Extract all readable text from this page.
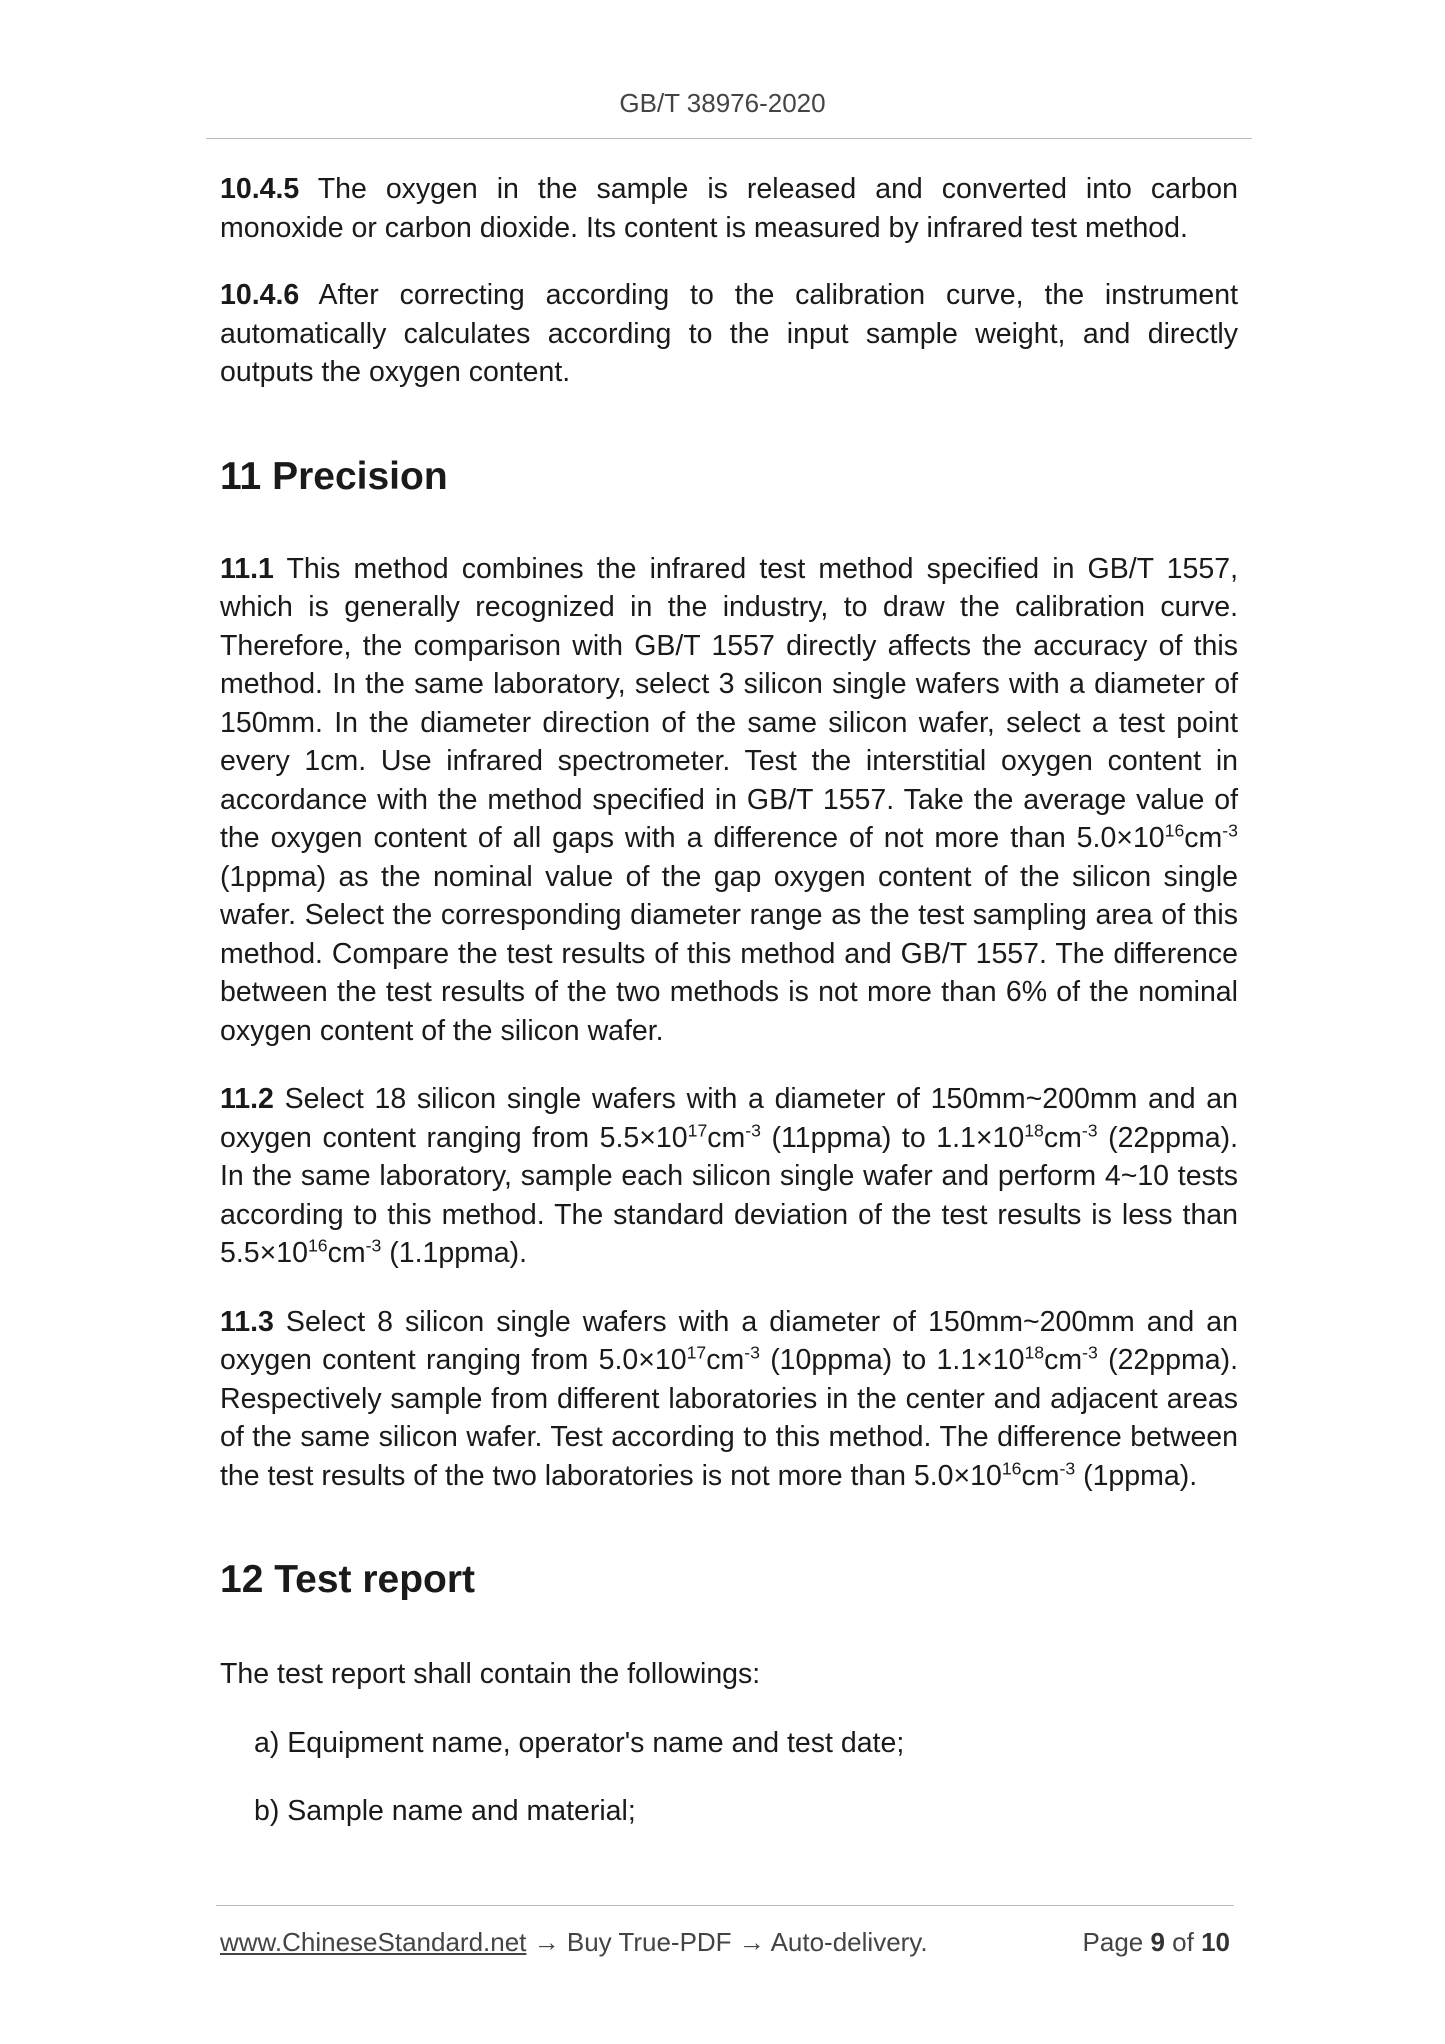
GB/T 38976-2020

10.4.5 The oxygen in the sample is released and converted into carbon monoxide or carbon dioxide. Its content is measured by infrared test method.

10.4.6 After correcting according to the calibration curve, the instrument automatically calculates according to the input sample weight, and directly outputs the oxygen content.

11 Precision

11.1 This method combines the infrared test method specified in GB/T 1557, which is generally recognized in the industry, to draw the calibration curve. Therefore, the comparison with GB/T 1557 directly affects the accuracy of this method. In the same laboratory, select 3 silicon single wafers with a diameter of 150mm. In the diameter direction of the same silicon wafer, select a test point every 1cm. Use infrared spectrometer. Test the interstitial oxygen content in accordance with the method specified in GB/T 1557. Take the average value of the oxygen content of all gaps with a difference of not more than $5.0\times 10^{16}cm^{-3}$ (1ppma) as the nominal value of the gap oxygen content of the silicon single wafer. Select the corresponding diameter range as the test sampling area of this method. Compare the test results of this method and GB/T 1557. The difference between the test results of the two methods is not more than 6% of the nominal oxygen content of the silicon wafer.

11.2 Select 18 silicon single wafers with a diameter of 150mm~200mm and an oxygen content ranging from $5.5\times 10^{17}cm^{-3}$ (11ppma) to $1.1\times 10^{18}cm^{-3}$ (22ppma). In the same laboratory, sample each silicon single wafer and perform 4~10 tests according to this method. The standard deviation of the test results is less than $5.5\times 10^{16}cm^{-3}$ (1.1ppma).

11.3 Select 8 silicon single wafers with a diameter of 150mm~200mm and an oxygen content ranging from $5.0\times 10^{17}cm^{-3}$ (10ppma) to $1.1\times 10^{18}cm^{-3}$ (22ppma). Respectively sample from different laboratories in the center and adjacent areas of the same silicon wafer. Test according to this method. The difference between the test results of the two laboratories is not more than $5.0\times 10^{16}cm^{-3}$ (1ppma).

12 Test report

The test report shall contain the followings:

a) Equipment name, operator's name and test date;

b) Sample name and material;

www.ChineseStandard.net → Buy True-PDF → Auto-delivery.	Page 9 of 10
